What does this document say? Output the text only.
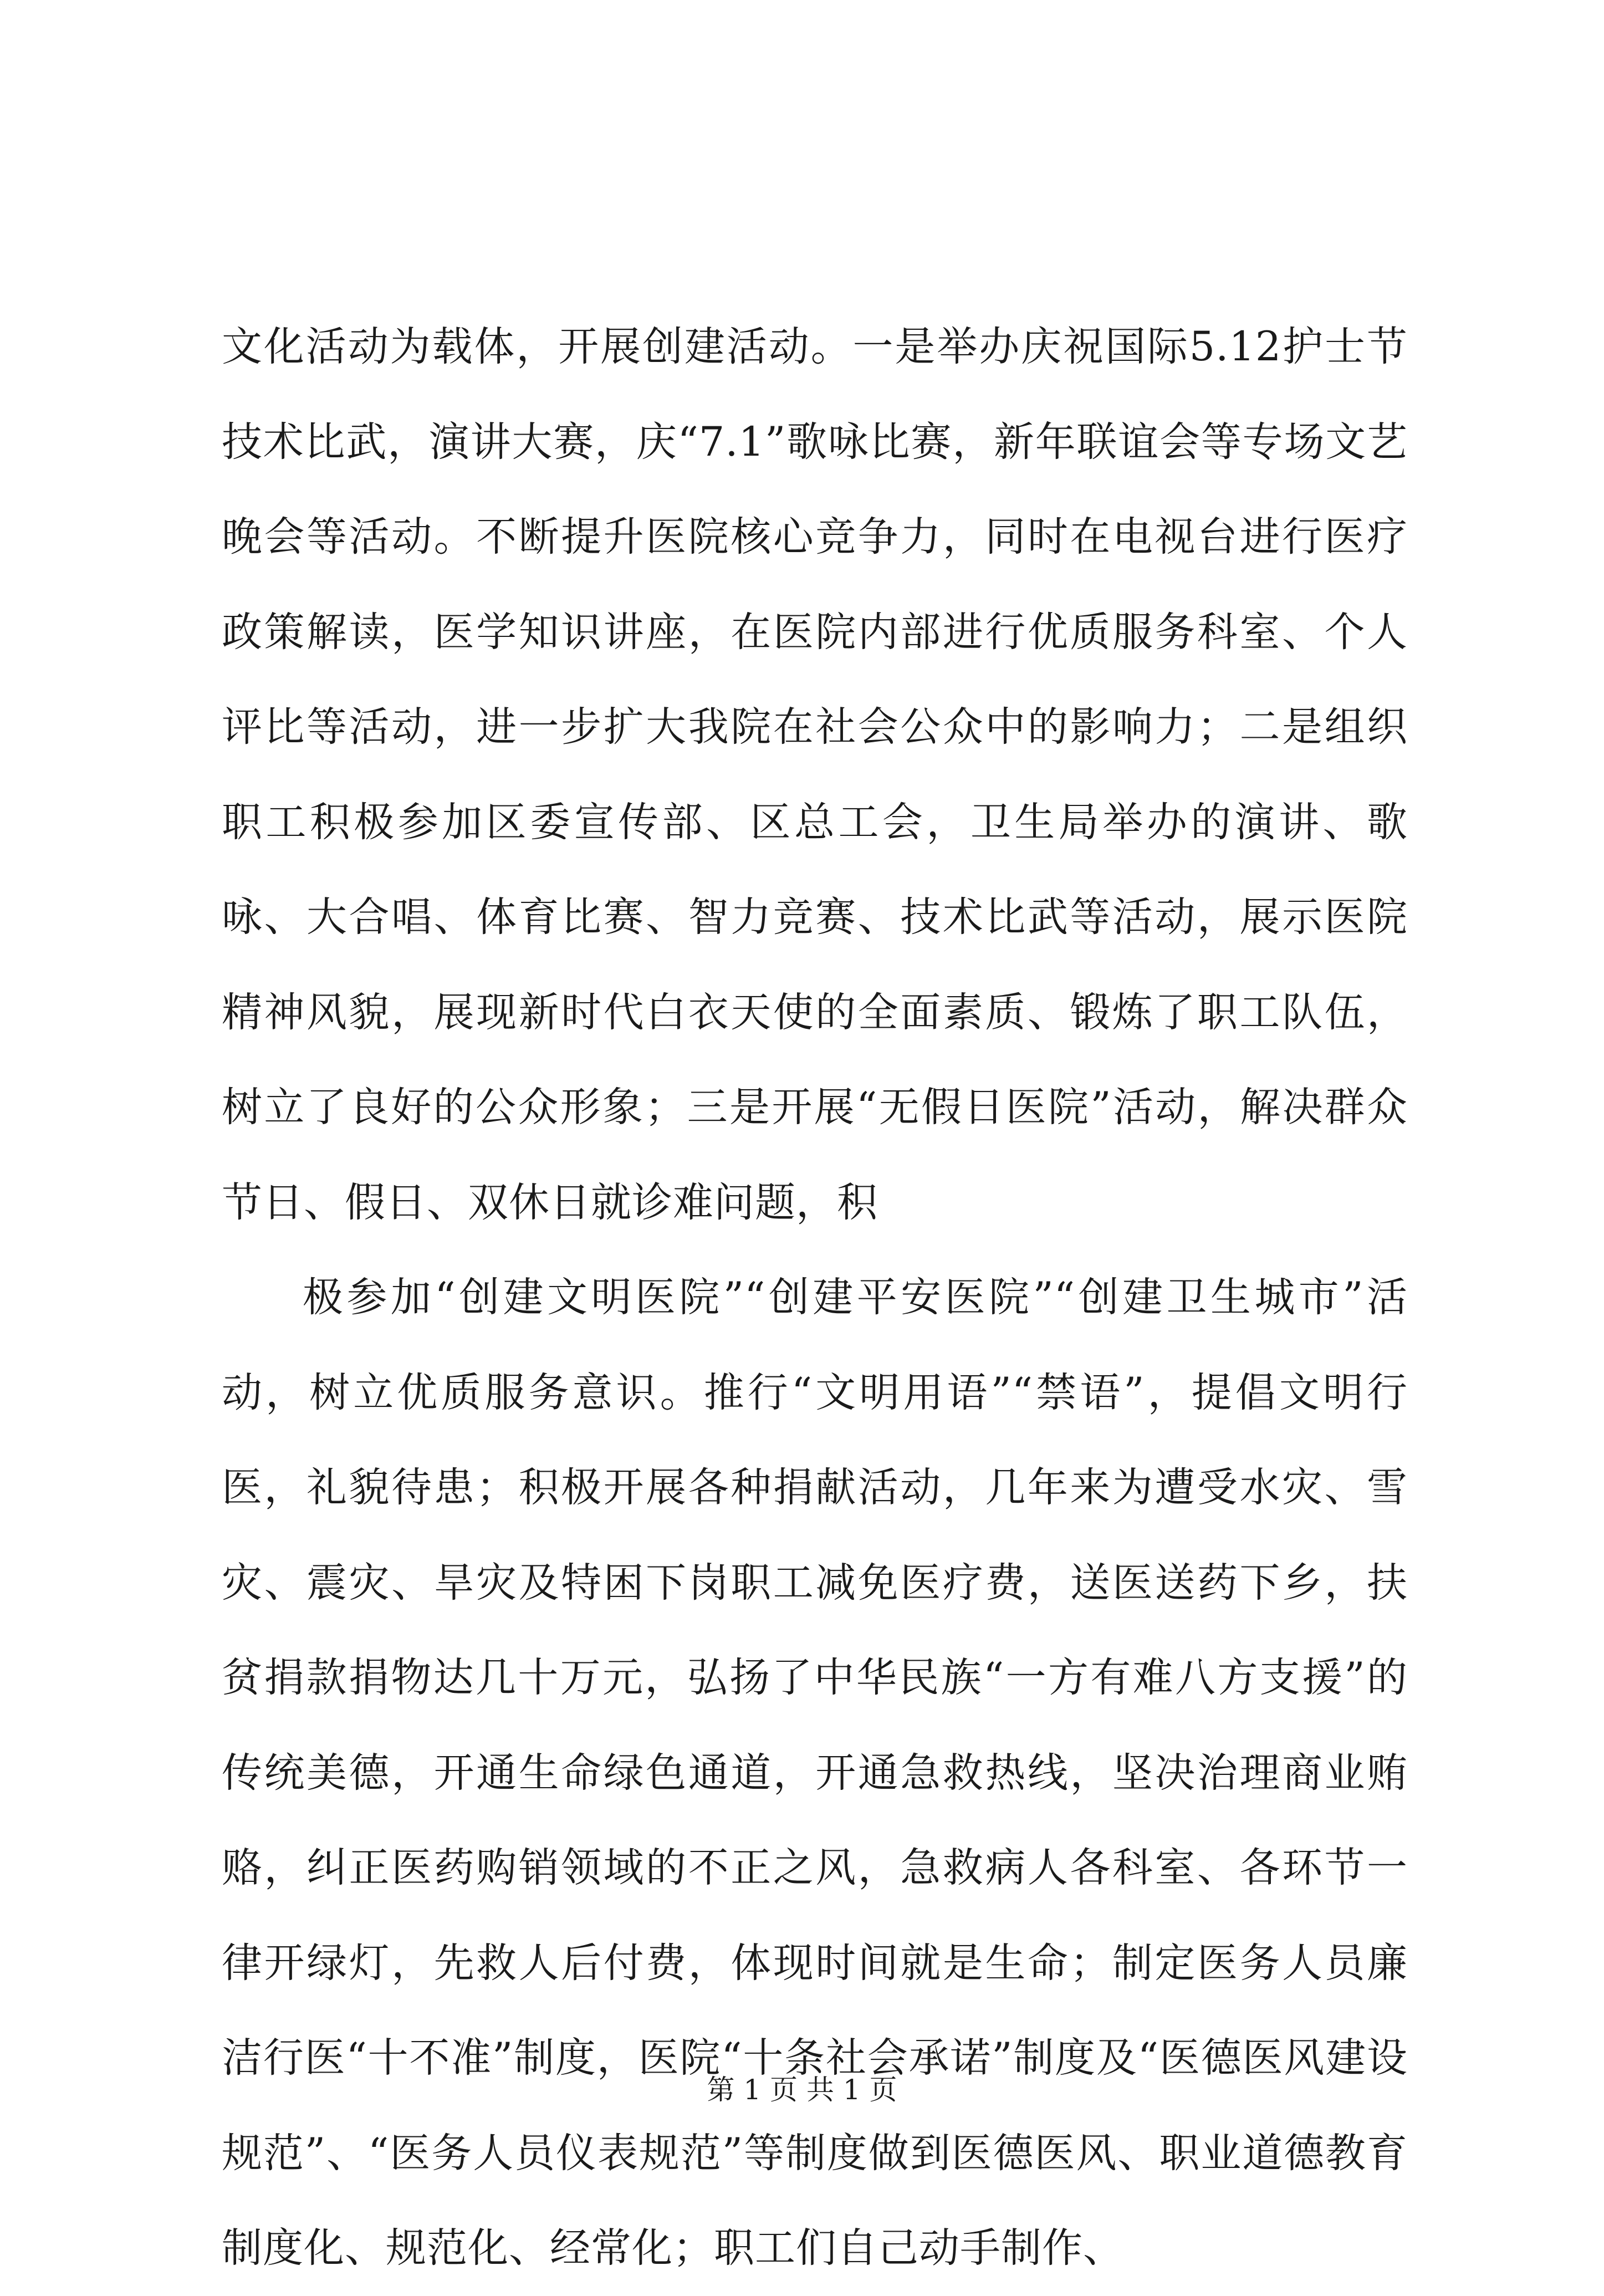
文化活动为载体，开展创建活动。一是举办庆祝国际5.12护士节技术比武，演讲大赛，庆“7.1”歌咏比赛，新年联谊会等专场文艺晚会等活动。不断提升医院核心竞争力，同时在电视台进行医疗政策解读，医学知识讲座，在医院内部进行优质服务科室、个人评比等活动，进一步扩大我院在社会公众中的影响力；二是组织职工积极参加区委宣传部、区总工会，卫生局举办的演讲、歌咏、大合唱、体育比赛、智力竞赛、技术比武等活动，展示医院精神风貌，展现新时代白衣天使的全面素质、锻炼了职工队伍，树立了良好的公众形象；三是开展“无假日医院”活动，解决群众节日、假日、双休日就诊难问题，积

极参加“创建文明医院”“创建平安医院”“创建卫生城市”活动，树立优质服务意识。推行“文明用语”“禁语”，提倡文明行医，礼貌待患；积极开展各种捐献活动，几年来为遭受水灾、雪灾、震灾、旱灾及特困下岗职工减免医疗费，送医送药下乡，扶贫捐款捐物达几十万元，弘扬了中华民族“一方有难八方支援”的传统美德，开通生命绿色通道，开通急救热线，坚决治理商业贿赂，纠正医药购销领域的不正之风，急救病人各科室、各环节一律开绿灯，先救人后付费，体现时间就是生命；制定医务人员廉洁行医“十不准”制度，医院“十条社会承诺”制度及“医德医风建设规范”、“医务人员仪表规范”等制度做到医德医风、职业道德教育制度化、规范化、经常化；职工们自己动手制作、

第 1 页 共 1 页
